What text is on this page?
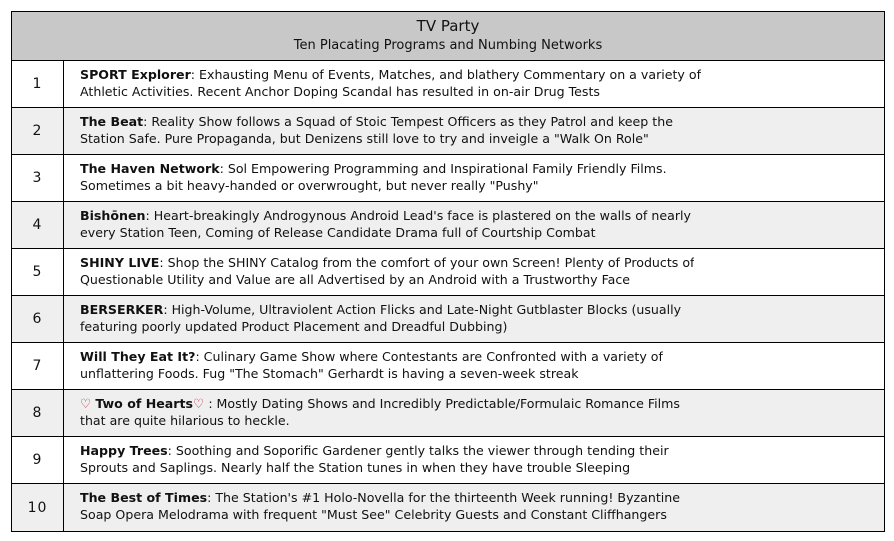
TV Party
Ten Placating Programs and Numbing Networks
1
SPORT Explorer: Exhausting Menu of Events, Matches, and blathery Commentary on a variety of
Athletic Activities. Recent Anchor Doping Scandal has resulted in on-air Drug Tests
2
The Beat: Reality Show follows a Squad of Stoic Tempest Officers as they Patrol and keep the
Station Safe. Pure Propaganda, but Denizens still love to try and inveigle a "Walk On Role"
3
The Haven Network: Sol Empowering Programming and Inspirational Family Friendly Films.
Sometimes a bit heavy-handed or overwrought, but never really "Pushy"
4
Bishōnen: Heart-breakingly Androgynous Android Lead's face is plastered on the walls of nearly
every Station Teen, Coming of Release Candidate Drama full of Courtship Combat
5
SHINY LIVE: Shop the SHINY Catalog from the comfort of your own Screen! Plenty of Products of
Questionable Utility and Value are all Advertised by an Android with a Trustworthy Face
6
BERSERKER: High-Volume, Ultraviolent Action Flicks and Late-Night Gutblaster Blocks (usually
featuring poorly updated Product Placement and Dreadful Dubbing)
7
Will They Eat It?: Culinary Game Show where Contestants are Confronted with a variety of
unflattering Foods. Fug "The Stomach" Gerhardt is having a seven-week streak
8
♡ Two of Hearts♡ : Mostly Dating Shows and Incredibly Predictable/Formulaic Romance Films
that are quite hilarious to heckle.
9
Happy Trees: Soothing and Soporific Gardener gently talks the viewer through tending their
Sprouts and Saplings. Nearly half the Station tunes in when they have trouble Sleeping
10
The Best of Times: The Station's #1 Holo-Novella for the thirteenth Week running! Byzantine
Soap Opera Melodrama with frequent "Must See" Celebrity Guests and Constant Cliffhangers
